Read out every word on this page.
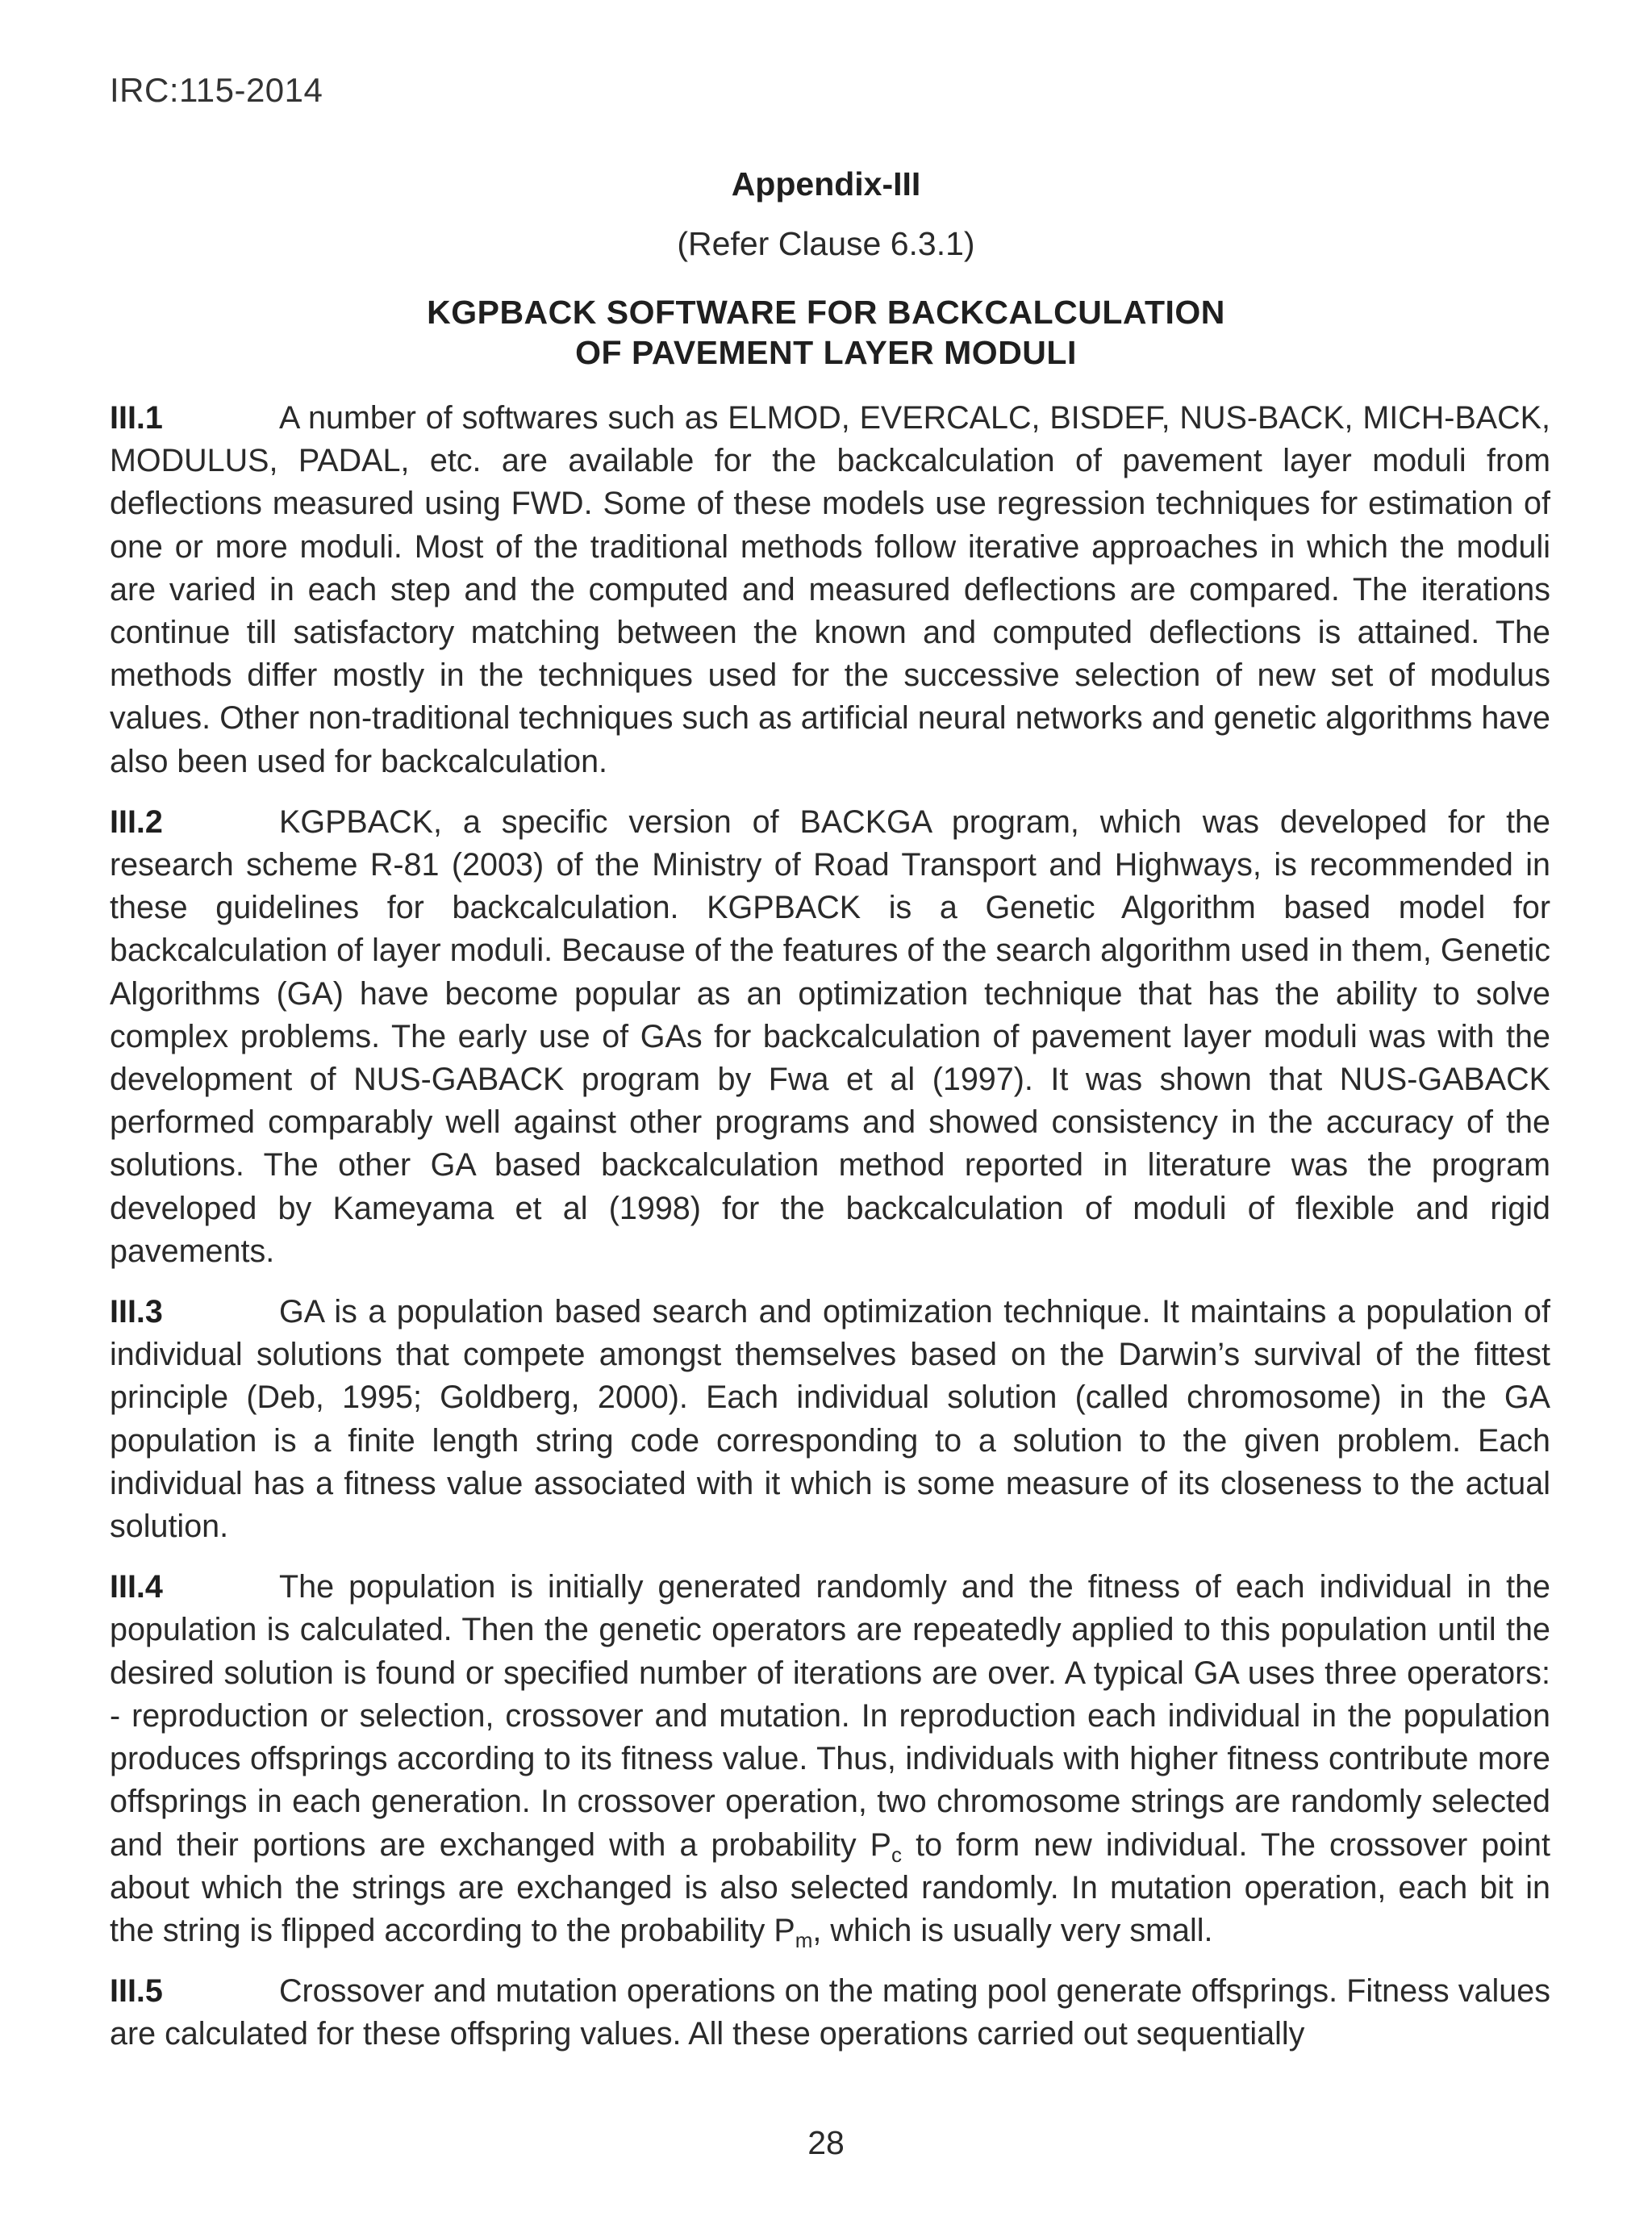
IRC:115-2014
Appendix-III
(Refer Clause 6.3.1)
KGPBACK SOFTWARE FOR BACKCALCULATION
OF PAVEMENT LAYER MODULI

III.1	A number of softwares such as ELMOD, EVERCALC, BISDEF, NUS-BACK, MICH-BACK, MODULUS, PADAL, etc. are available for the backcalculation of pavement layer moduli from deflections measured using FWD. Some of these models use regression techniques for estimation of one or more moduli. Most of the traditional methods follow iterative approaches in which the moduli are varied in each step and the computed and measured deflections are compared. The iterations continue till satisfactory matching between the known and computed deflections is attained. The methods differ mostly in the techniques used for the successive selection of new set of modulus values. Other non-traditional techniques such as artificial neural networks and genetic algorithms have also been used for backcalculation.

III.2	KGPBACK, a specific version of BACKGA program, which was developed for the research scheme R-81 (2003) of the Ministry of Road Transport and Highways, is recommended in these guidelines for backcalculation. KGPBACK is a Genetic Algorithm based model for backcalculation of layer moduli. Because of the features of the search algorithm used in them, Genetic Algorithms (GA) have become popular as an optimization technique that has the ability to solve complex problems. The early use of GAs for backcalculation of pavement layer moduli was with the development of NUS-GABACK program by Fwa et al (1997). It was shown that NUS-GABACK performed comparably well against other programs and showed consistency in the accuracy of the solutions. The other GA based backcalculation method reported in literature was the program developed by Kameyama et al (1998) for the backcalculation of moduli of flexible and rigid pavements.

III.3	GA is a population based search and optimization technique. It maintains a population of individual solutions that compete amongst themselves based on the Darwin’s survival of the fittest principle (Deb, 1995; Goldberg, 2000). Each individual solution (called chromosome) in the GA population is a finite length string code corresponding to a solution to the given problem. Each individual has a fitness value associated with it which is some measure of its closeness to the actual solution.

III.4	The population is initially generated randomly and the fitness of each individual in the population is calculated. Then the genetic operators are repeatedly applied to this population until the desired solution is found or specified number of iterations are over. A typical GA uses three operators: - reproduction or selection, crossover and mutation. In reproduction each individual in the population produces offsprings according to its fitness value. Thus, individuals with higher fitness contribute more offsprings in each generation. In crossover operation, two chromosome strings are randomly selected and their portions are exchanged with a probability $P_c$ to form new individual. The crossover point about which the strings are exchanged is also selected randomly. In mutation operation, each bit in the string is flipped according to the probability $P_m$, which is usually very small.

III.5	Crossover and mutation operations on the mating pool generate offsprings. Fitness values are calculated for these offspring values. All these operations carried out sequentially

28
